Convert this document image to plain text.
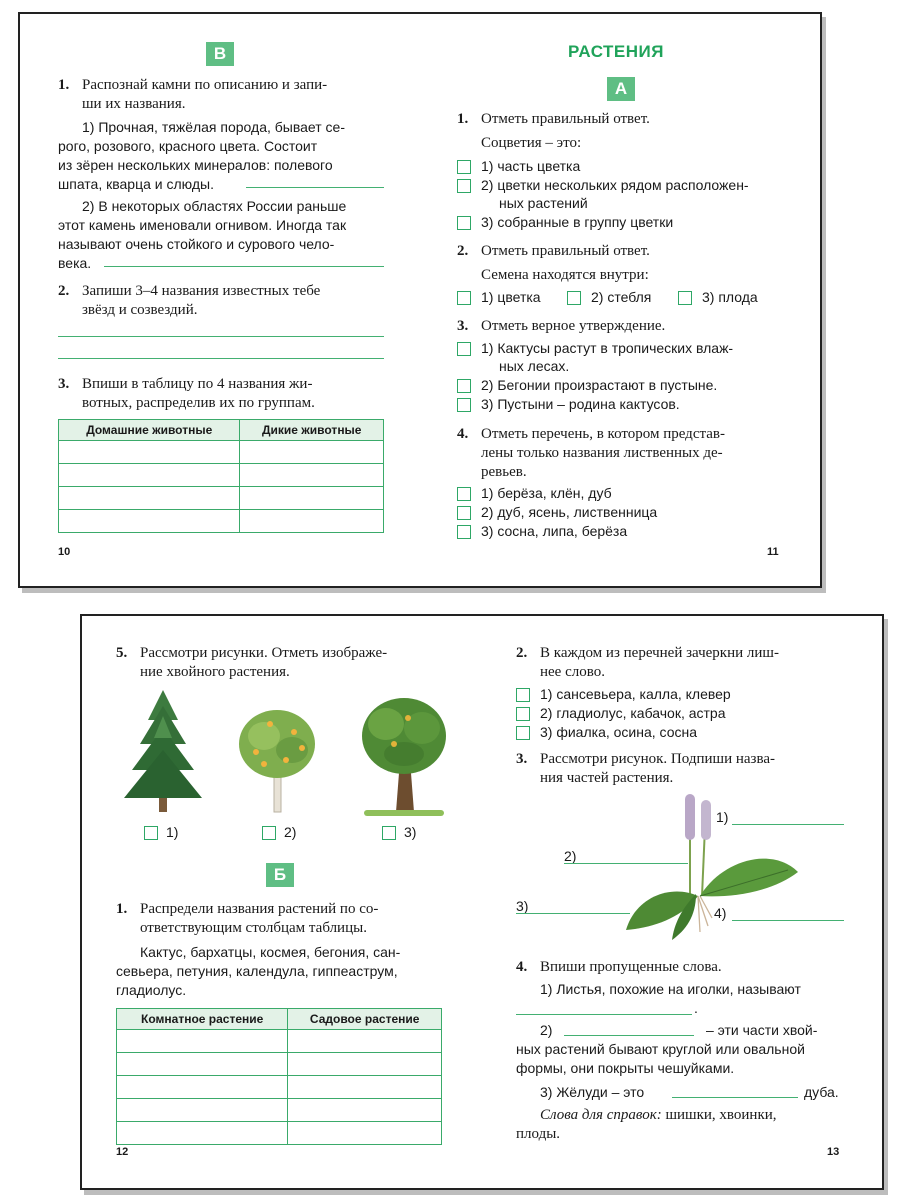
В
1. Распознай камни по описанию и запи-
ши их названия.
1) Прочная, тяжёлая порода, бывает се-
рого, розового, красного цвета. Состоит
из зёрен нескольких минералов: полевого
шпата, кварца и слюды.
2) В некоторых областях России раньше
этот камень именовали огнивом. Иногда так
называют очень стойкого и сурового чело-
века.
2. Запиши 3–4 названия известных тебе
звёзд и созвездий.
3. Впиши в таблицу по 4 названия жи-
вотных, распределив их по группам.
Домашние животные	Дикие животные

10
РАСТЕНИЯ
А
1. Отметь правильный ответ.
Соцветия – это:
1) часть цветка
2) цветки нескольких рядом расположен-
ных растений
3) собранные в группу цветки
2. Отметь правильный ответ.
Семена находятся внутри:
1) цветка	2) стебля	3) плода
3. Отметь верное утверждение.
1) Кактусы растут в тропических влаж-
ных лесах.
2) Бегонии произрастают в пустыне.
3) Пустыни – родина кактусов.
4. Отметь перечень, в котором представ-
лены только названия лиственных де-
ревьев.
1) берёза, клён, дуб
2) дуб, ясень, лиственница
3) сосна, липа, берёза
11
5. Рассмотри рисунки. Отметь изображе-
ние хвойного растения.
1)	2)	3)
Б
1. Распредели названия растений по со-
ответствующим столбцам таблицы.
Кактус, бархатцы, космея, бегония, сан-
севьера, петуния, календула, гиппеаструм,
гладиолус.
Комнатное растение	Садовое растение

12
2. В каждом из перечней зачеркни лиш-
нее слово.
1) сансевьера, калла, клевер
2) гладиолус, кабачок, астра
3) фиалка, осина, сосна
3. Рассмотри рисунок. Подпиши назва-
ния частей растения.
1)
2)
3)	4)
4. Впиши пропущенные слова.
1) Листья, похожие на иголки, называют
.
2)	– эти части хвой-
ных растений бывают круглой или овальной
формы, они покрыты чешуйками.
3) Жёлуди – это	дуба.
Слова для справок: шишки, хвоинки,
плоды.
13
